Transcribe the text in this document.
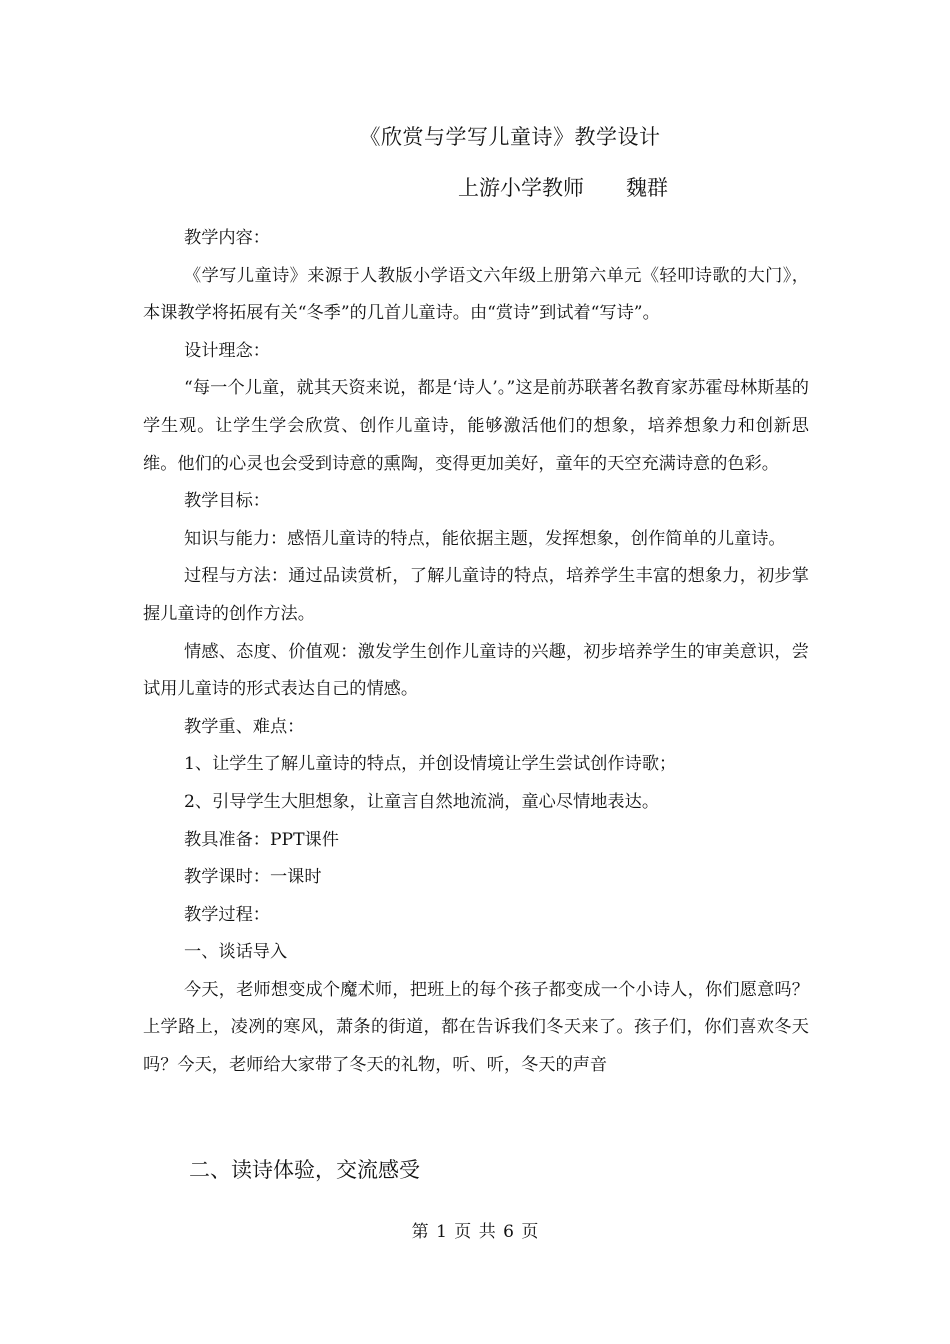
《欣赏与学写儿童诗》教学设计
上游小学教师　　魏群

教学内容：

《学写儿童诗》来源于人教版小学语文六年级上册第六单元《轻叩诗歌的大门》，本课教学将拓展有关“冬季”的几首儿童诗。由“赏诗”到试着“写诗”。

设计理念：

“每一个儿童，就其天资来说，都是‘诗人’。”这是前苏联著名教育家苏霍母林斯基的学生观。让学生学会欣赏、创作儿童诗，能够激活他们的想象，培养想象力和创新思维。他们的心灵也会受到诗意的熏陶，变得更加美好，童年的天空充满诗意的色彩。

教学目标：

知识与能力：感悟儿童诗的特点，能依据主题，发挥想象，创作简单的儿童诗。

过程与方法：通过品读赏析，了解儿童诗的特点，培养学生丰富的想象力，初步掌握儿童诗的创作方法。

情感、态度、价值观：激发学生创作儿童诗的兴趣，初步培养学生的审美意识，尝试用儿童诗的形式表达自己的情感。

教学重、难点：

1、让学生了解儿童诗的特点，并创设情境让学生尝试创作诗歌；

2、引导学生大胆想象，让童言自然地流淌，童心尽情地表达。

教具准备：PPT课件

教学课时：一课时

教学过程：

一、谈话导入

今天，老师想变成个魔术师，把班上的每个孩子都变成一个小诗人，你们愿意吗？上学路上，凌冽的寒风，萧条的街道，都在告诉我们冬天来了。孩子们，你们喜欢冬天吗？今天，老师给大家带了冬天的礼物，听、听，冬天的声音

二、读诗体验，交流感受
第 1 页 共 6 页
